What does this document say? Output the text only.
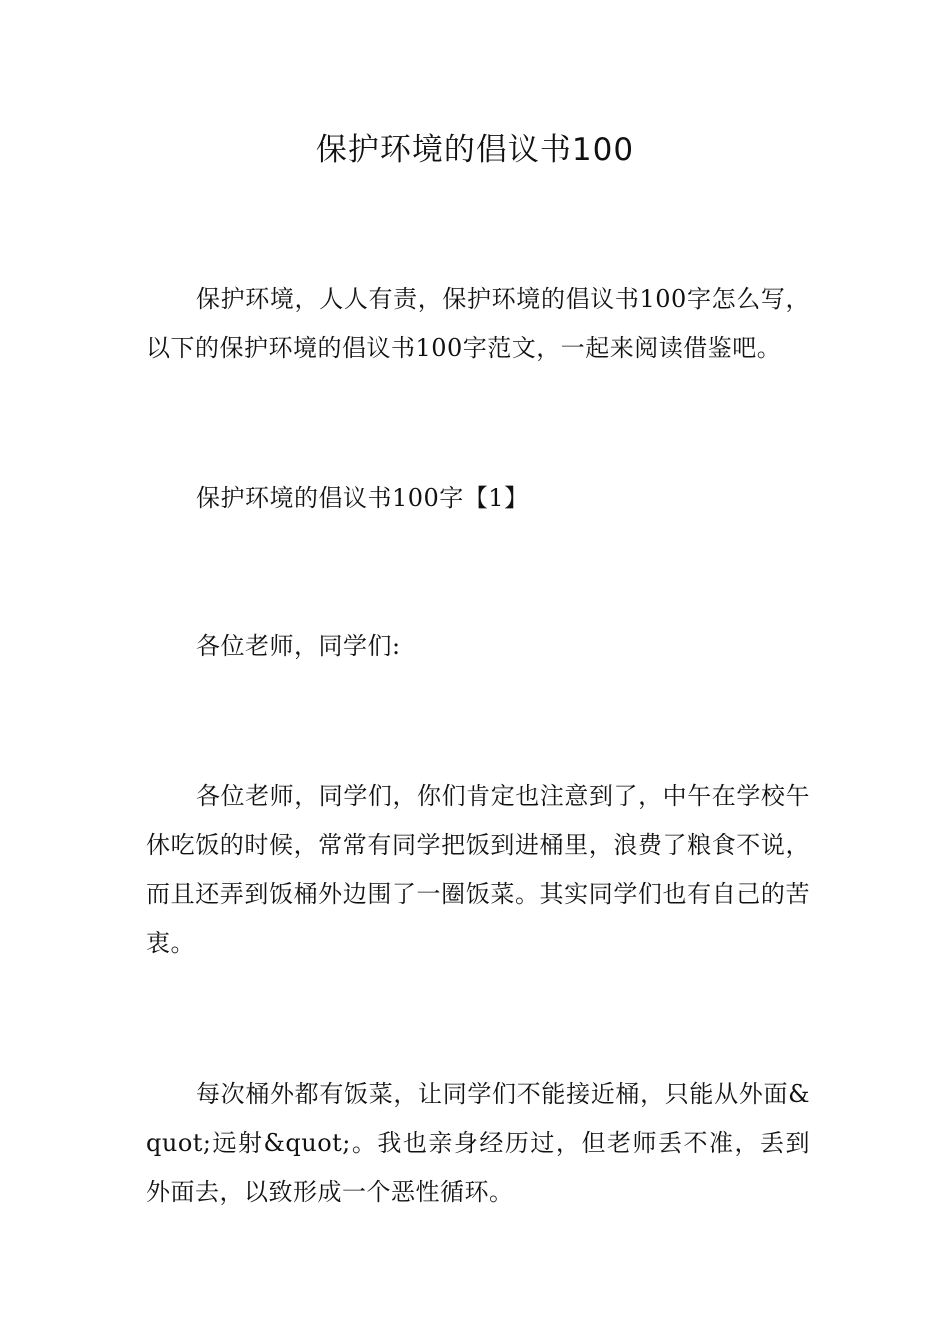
保护环境的倡议书100

保护环境，人人有责，保护环境的倡议书100字怎么写，以下的保护环境的倡议书100字范文，一起来阅读借鉴吧。

保护环境的倡议书100字【1】

各位老师，同学们:

各位老师，同学们，你们肯定也注意到了，中午在学校午休吃饭的时候，常常有同学把饭到进桶里，浪费了粮食不说，而且还弄到饭桶外边围了一圈饭菜。其实同学们也有自己的苦衷。

每次桶外都有饭菜，让同学们不能接近桶，只能从外面&quot;远射&quot;。我也亲身经历过，但老师丢不准，丢到外面去，以致形成一个恶性循环。
